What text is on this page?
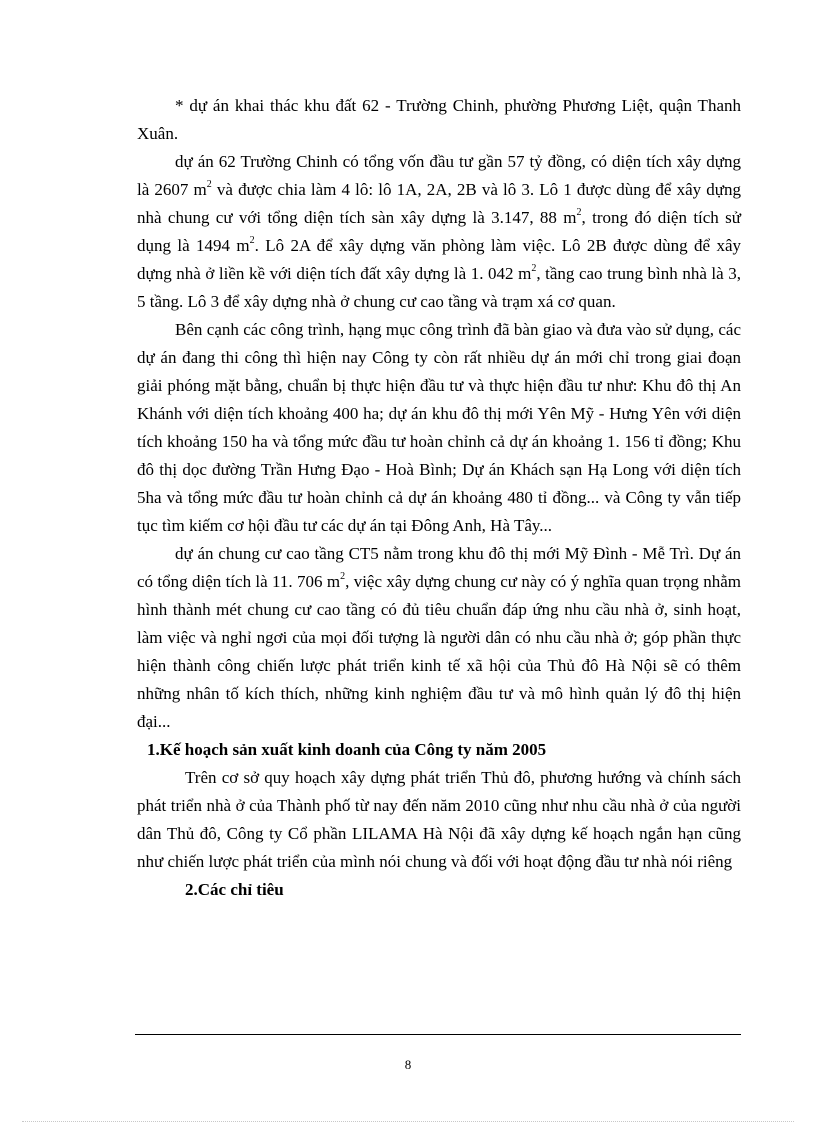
* dự án khai thác khu đất 62 - Trường Chinh, phường Phương Liệt, quận Thanh Xuân.

dự án 62 Trường Chinh có tổng vốn đầu tư gần 57 tỷ đồng, có diện tích xây dựng là 2607 $m^2$ và được chia làm 4 lô: lô 1A, 2A, 2B và lô 3. Lô 1 được dùng để xây dựng nhà chung cư với tổng diện tích sàn xây dựng là 3.147, 88 $m^2$, trong đó diện tích sử dụng là 1494 $m^2$. Lô 2A để xây dựng văn phòng làm việc. Lô 2B được dùng để xây dựng nhà ở liền kề với diện tích đất xây dựng là 1. 042 $m^2$, tầng cao trung bình nhà là 3, 5 tầng. Lô 3 để xây dựng nhà ở chung cư cao tầng và trạm xá cơ quan.

Bên cạnh các công trình, hạng mục công trình đã bàn giao và đưa vào sử dụng, các dự án đang thi công thì hiện nay Công ty còn rất nhiều dự án mới chỉ trong giai đoạn giải phóng mặt bằng, chuẩn bị thực hiện đầu tư và thực hiện đầu tư như: Khu đô thị An Khánh với diện tích khoảng 400 ha; dự án khu đô thị mới Yên Mỹ - Hưng Yên với diện tích khoảng 150 ha và tổng mức đầu tư hoàn chỉnh cả dự án khoảng 1. 156 tỉ đồng; Khu đô thị dọc đường Trần Hưng Đạo - Hoà Bình; Dự án Khách sạn Hạ Long với diện tích 5ha và tổng mức đầu tư hoàn chỉnh cả dự án khoảng 480 tỉ đồng... và Công ty vẫn tiếp tục tìm kiếm cơ hội đầu tư các dự án tại Đông Anh, Hà Tây...

dự án chung cư cao tầng CT5 nằm trong khu đô thị mới Mỹ Đình - Mễ Trì. Dự án có tổng diện tích là 11. 706 $m^2$, việc xây dựng chung cư này có ý nghĩa quan trọng nhằm hình thành mét chung cư cao tầng có đủ tiêu chuẩn đáp ứng nhu cầu nhà ở, sinh hoạt, làm việc và nghỉ ngơi của mọi đối tượng là người dân có nhu cầu nhà ở; góp phần thực hiện thành công chiến lược phát triển kinh tế xã hội của Thủ đô Hà Nội sẽ có thêm những nhân tố kích thích, những kinh nghiệm đầu tư và mô hình quản lý đô thị hiện đại...

1.Kế hoạch sản xuất kinh doanh của Công ty năm 2005

Trên cơ sở quy hoạch xây dựng phát triển Thủ đô, phương hướng và chính sách phát triển nhà ở của Thành phố từ nay đến năm 2010 cũng như nhu cầu nhà ở của người dân Thủ đô, Công ty Cổ phần LILAMA Hà Nội đã xây dựng kế hoạch ngắn hạn cũng như chiến lược phát triển của mình nói chung và đối với hoạt động đầu tư nhà nói riêng

2.Các chỉ tiêu

8
